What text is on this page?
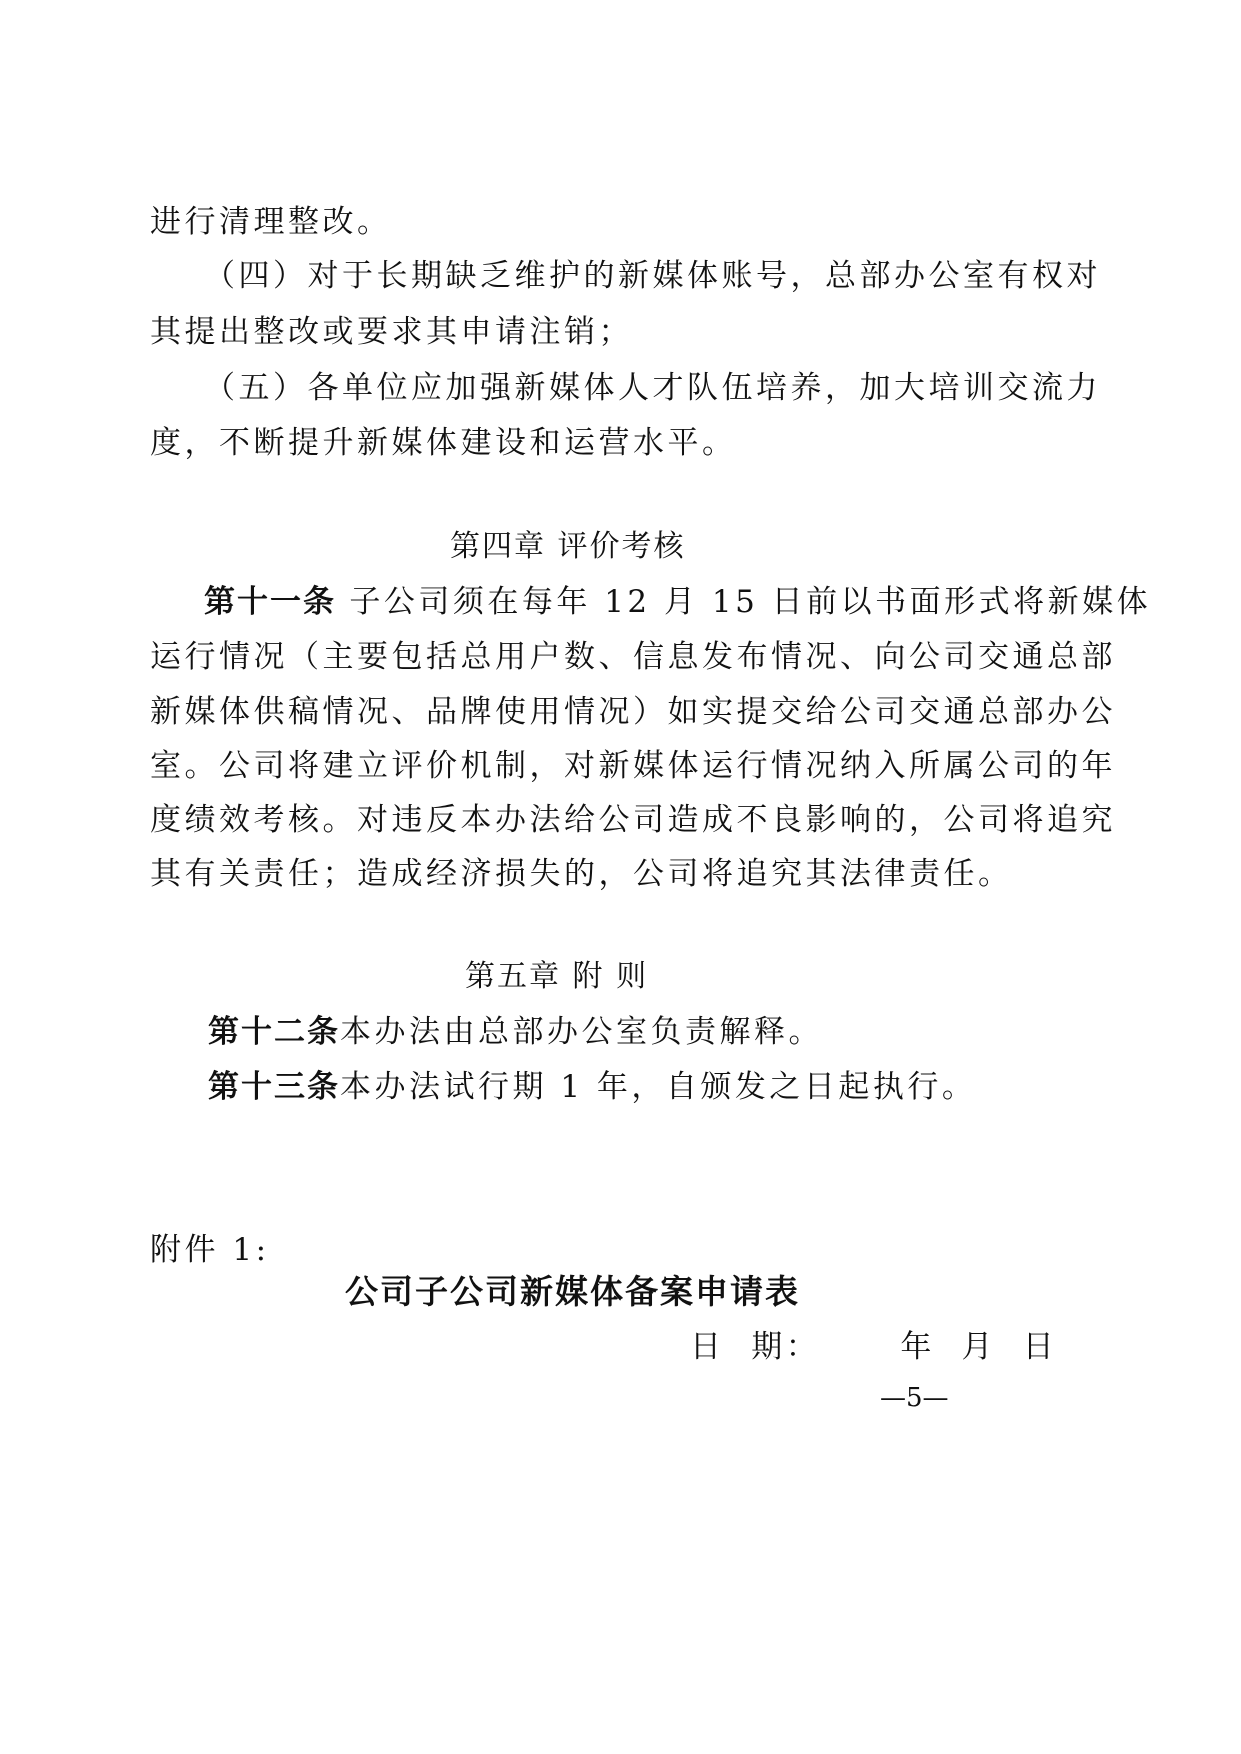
进行清理整改。
（四）对于长期缺乏维护的新媒体账号，总部办公室有权对
其提出整改或要求其申请注销；
（五）各单位应加强新媒体人才队伍培养，加大培训交流力
度，不断提升新媒体建设和运营水平。
第四章 评价考核
第十一条 子公司须在每年 12 月 15 日前以书面形式将新媒体
运行情况（主要包括总用户数、信息发布情况、向公司交通总部
新媒体供稿情况、品牌使用情况）如实提交给公司交通总部办公
室。公司将建立评价机制，对新媒体运行情况纳入所属公司的年
度绩效考核。对违反本办法给公司造成不良影响的，公司将追究
其有关责任；造成经济损失的，公司将追究其法律责任。
第五章 附 则
第十二条本办法由总部办公室负责解释。
第十三条本办法试行期 1 年，自颁发之日起执行。
附件 1:
公司子公司新媒体备案申请表
日  期：      年  月  日
—5—
